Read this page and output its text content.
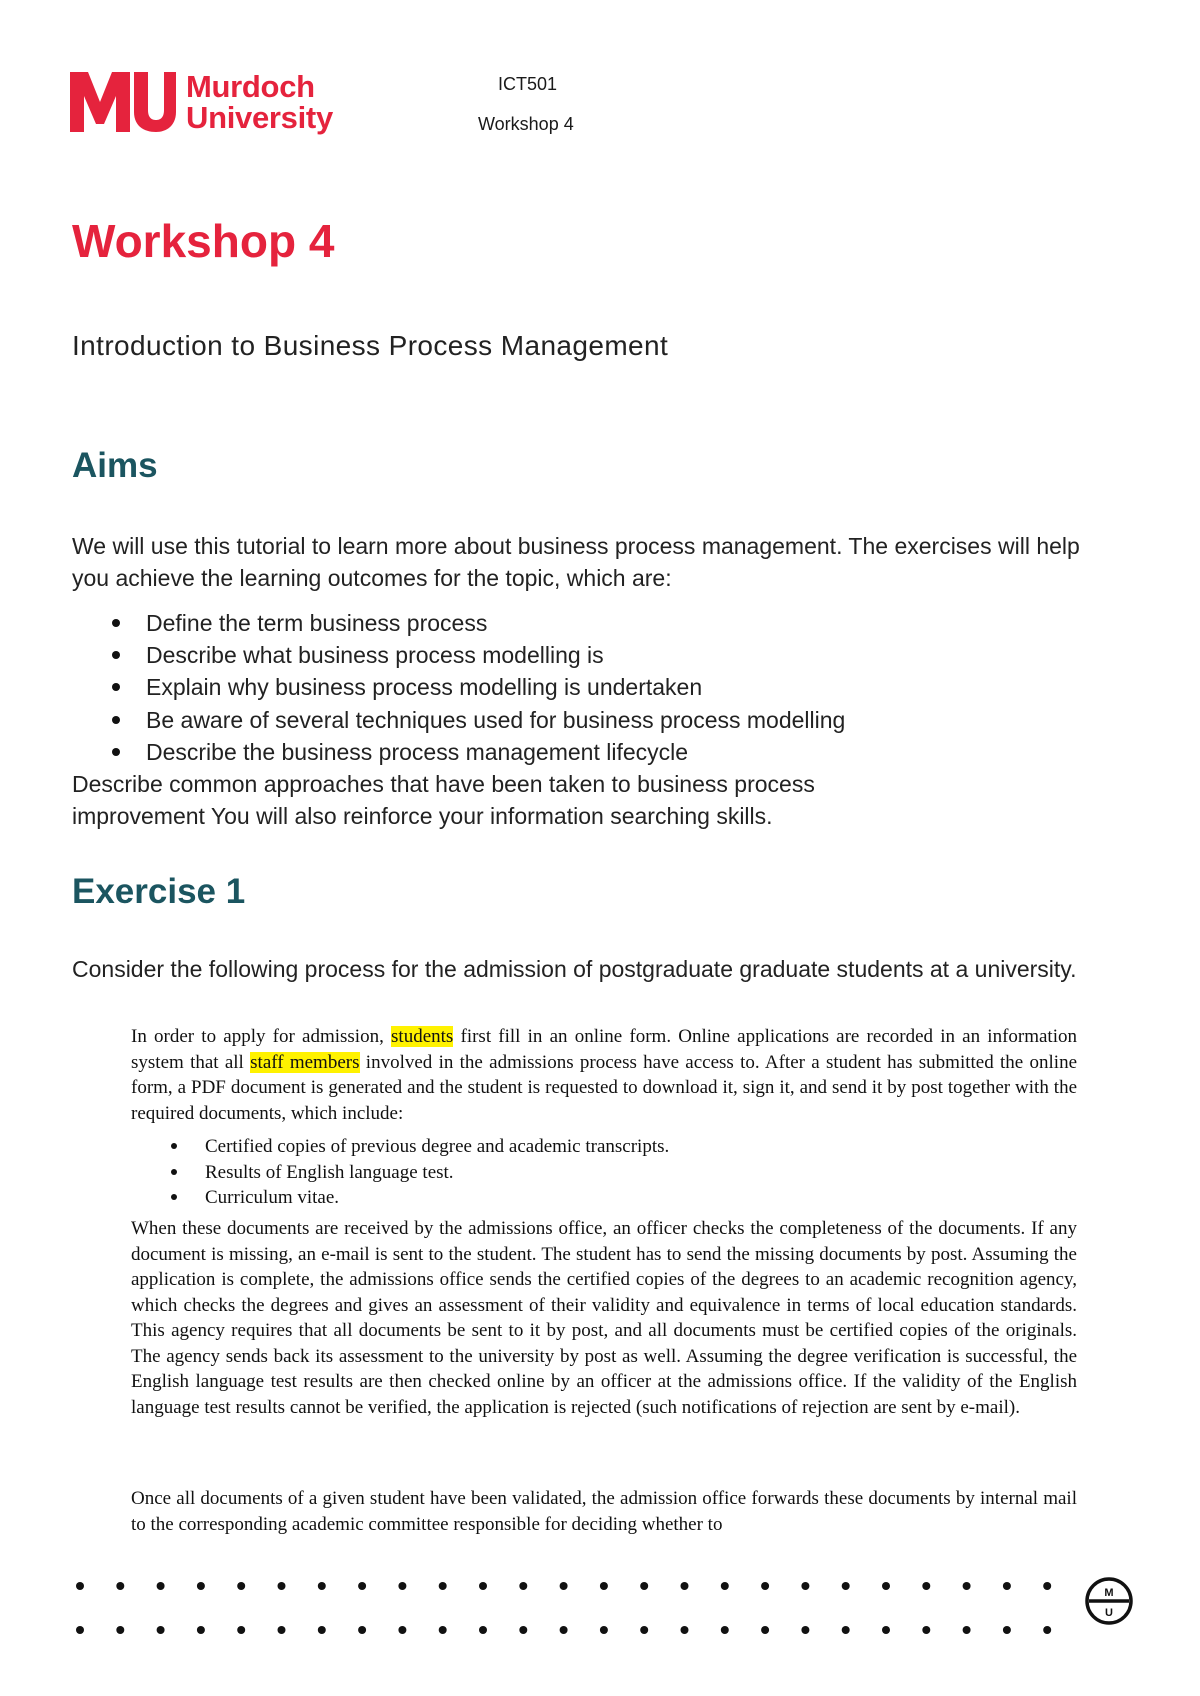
Murdoch
University
ICT501
Workshop 4
Workshop 4
Introduction to Business Process Management
Aims
We will use this tutorial to learn more about business process management. The exercises will help you achieve the learning outcomes for the topic, which are:
Define the term business process
Describe what business process modelling is
Explain why business process modelling is undertaken
Be aware of several techniques used for business process modelling
Describe the business process management lifecycle
Describe common approaches that have been taken to business process
improvement You will also reinforce your information searching skills.
Exercise 1
Consider the following process for the admission of postgraduate graduate students at a university.
In order to apply for admission, students first fill in an online form. Online applications are recorded in an information system that all staff members involved in the admissions process have access to. After a student has submitted the online form, a PDF document is generated and the student is requested to download it, sign it, and send it by post together with the required documents, which include:
Certified copies of previous degree and academic transcripts.
Results of English language test.
Curriculum vitae.
When these documents are received by the admissions office, an officer checks the completeness of the documents. If any document is missing, an e-mail is sent to the student. The student has to send the missing documents by post. Assuming the application is complete, the admissions office sends the certified copies of the degrees to an academic recognition agency, which checks the degrees and gives an assessment of their validity and equivalence in terms of local education standards. This agency requires that all documents be sent to it by post, and all documents must be certified copies of the originals. The agency sends back its assessment to the university by post as well. Assuming the degree verification is successful, the English language test results are then checked online by an officer at the admissions office. If the validity of the English language test results cannot be verified, the application is rejected (such notifications of rejection are sent by e-mail).
Once all documents of a given student have been validated, the admission office forwards these documents by internal mail to the corresponding academic committee responsible for deciding whether to
M
U
